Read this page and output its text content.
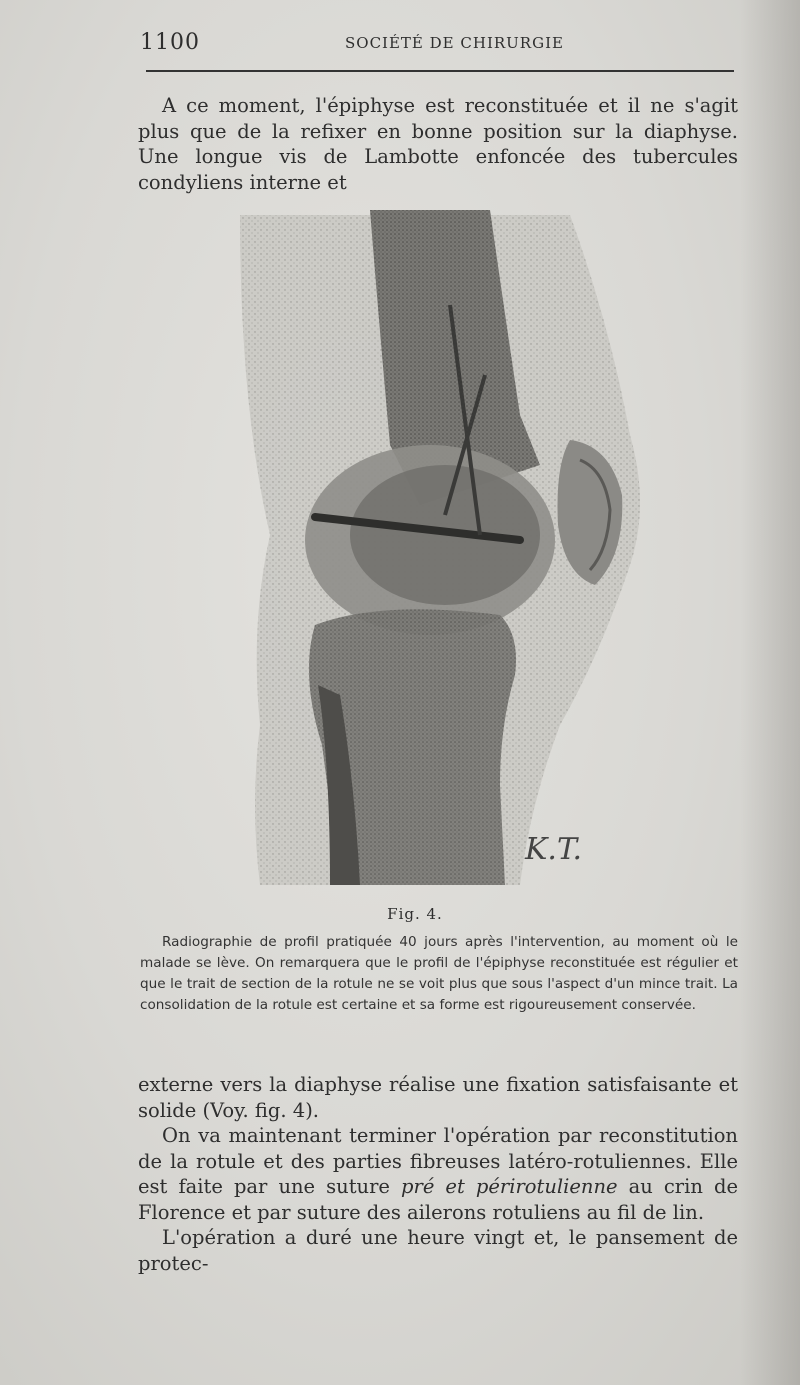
1100	SOCIÉTÉ DE CHIRURGIE

A ce moment, l'épiphyse est reconstituée et il ne s'agit plus que de la refixer en bonne position sur la diaphyse. Une longue vis de Lambotte enfoncée des tubercules condyliens interne et

K.T.
Fig. 4.

Radiographie de profil pratiquée 40 jours après l'intervention, au moment où le malade se lève. On remarquera que le profil de l'épiphyse reconstituée est régulier et que le trait de section de la rotule ne se voit plus que sous l'aspect d'un mince trait. La consolidation de la rotule est certaine et sa forme est rigoureusement conservée.

externe vers la diaphyse réalise une fixation satisfaisante et solide (Voy. fig. 4).

On va maintenant terminer l'opération par reconstitution de la rotule et des parties fibreuses latéro-rotuliennes. Elle est faite par une suture pré et périrotulienne au crin de Florence et par suture des ailerons rotuliens au fil de lin.

L'opération a duré une heure vingt et, le pansement de protec-
